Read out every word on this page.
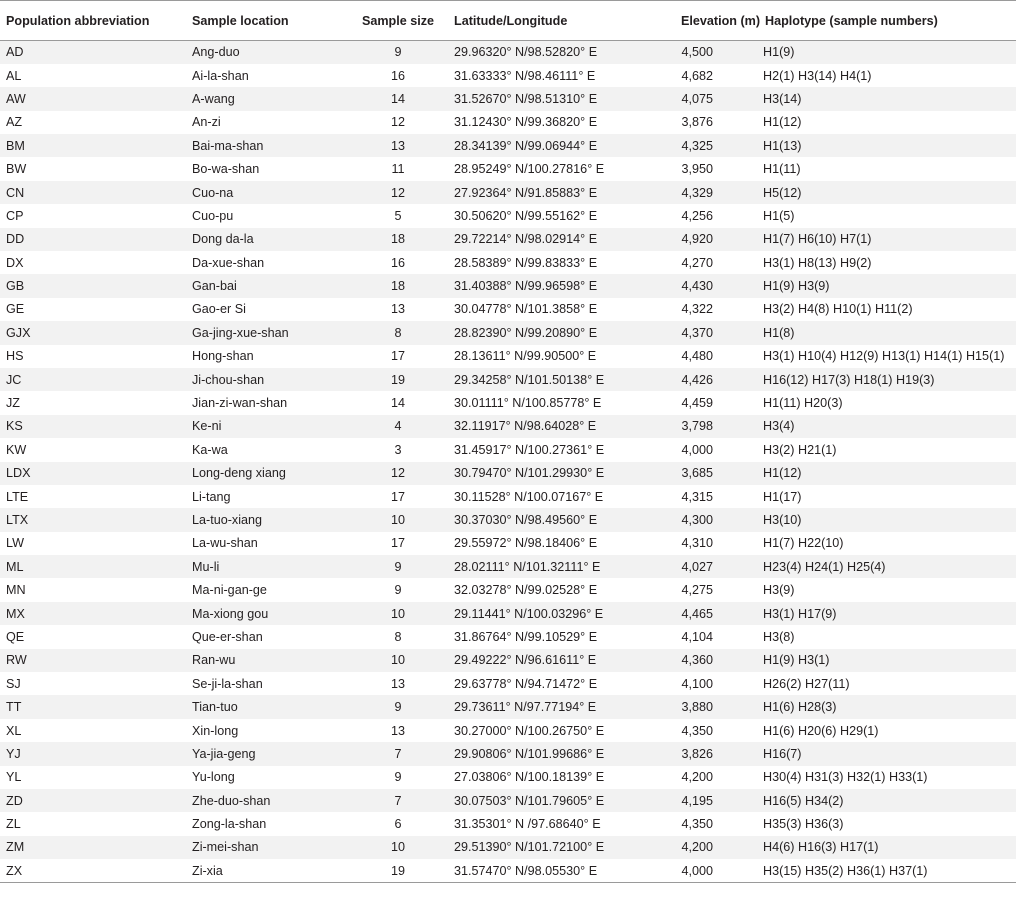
Population abbreviation	Sample location	Sample size	Latitude/Longitude	Elevation (m)	Haplotype (sample numbers)
AD	Ang-duo	9	29.96320° N/98.52820° E	4,500	H1(9)
AL	Ai-la-shan	16	31.63333° N/98.46111° E	4,682	H2(1) H3(14) H4(1)
AW	A-wang	14	31.52670° N/98.51310° E	4,075	H3(14)
AZ	An-zi	12	31.12430° N/99.36820° E	3,876	H1(12)
BM	Bai-ma-shan	13	28.34139° N/99.06944° E	4,325	H1(13)
BW	Bo-wa-shan	11	28.95249° N/100.27816° E	3,950	H1(11)
CN	Cuo-na	12	27.92364° N/91.85883° E	4,329	H5(12)
CP	Cuo-pu	5	30.50620° N/99.55162° E	4,256	H1(5)
DD	Dong da-la	18	29.72214° N/98.02914° E	4,920	H1(7) H6(10) H7(1)
DX	Da-xue-shan	16	28.58389° N/99.83833° E	4,270	H3(1) H8(13) H9(2)
GB	Gan-bai	18	31.40388° N/99.96598° E	4,430	H1(9) H3(9)
GE	Gao-er Si	13	30.04778° N/101.3858° E	4,322	H3(2) H4(8) H10(1) H11(2)
GJX	Ga-jing-xue-shan	8	28.82390° N/99.20890° E	4,370	H1(8)
HS	Hong-shan	17	28.13611° N/99.90500° E	4,480	H3(1) H10(4) H12(9) H13(1) H14(1) H15(1)
JC	Ji-chou-shan	19	29.34258° N/101.50138° E	4,426	H16(12) H17(3) H18(1) H19(3)
JZ	Jian-zi-wan-shan	14	30.01111° N/100.85778° E	4,459	H1(11) H20(3)
KS	Ke-ni	4	32.11917° N/98.64028° E	3,798	H3(4)
KW	Ka-wa	3	31.45917° N/100.27361° E	4,000	H3(2) H21(1)
LDX	Long-deng xiang	12	30.79470° N/101.29930° E	3,685	H1(12)
LTE	Li-tang	17	30.11528° N/100.07167° E	4,315	H1(17)
LTX	La-tuo-xiang	10	30.37030° N/98.49560° E	4,300	H3(10)
LW	La-wu-shan	17	29.55972° N/98.18406° E	4,310	H1(7) H22(10)
ML	Mu-li	9	28.02111° N/101.32111° E	4,027	H23(4) H24(1) H25(4)
MN	Ma-ni-gan-ge	9	32.03278° N/99.02528° E	4,275	H3(9)
MX	Ma-xiong gou	10	29.11441° N/100.03296° E	4,465	H3(1) H17(9)
QE	Que-er-shan	8	31.86764° N/99.10529° E	4,104	H3(8)
RW	Ran-wu	10	29.49222° N/96.61611° E	4,360	H1(9) H3(1)
SJ	Se-ji-la-shan	13	29.63778° N/94.71472° E	4,100	H26(2) H27(11)
TT	Tian-tuo	9	29.73611° N/97.77194° E	3,880	H1(6) H28(3)
XL	Xin-long	13	30.27000° N/100.26750° E	4,350	H1(6) H20(6) H29(1)
YJ	Ya-jia-geng	7	29.90806° N/101.99686° E	3,826	H16(7)
YL	Yu-long	9	27.03806° N/100.18139° E	4,200	H30(4) H31(3) H32(1) H33(1)
ZD	Zhe-duo-shan	7	30.07503° N/101.79605° E	4,195	H16(5) H34(2)
ZL	Zong-la-shan	6	31.35301° N /97.68640° E	4,350	H35(3) H36(3)
ZM	Zi-mei-shan	10	29.51390° N/101.72100° E	4,200	H4(6) H16(3) H17(1)
ZX	Zi-xia	19	31.57470° N/98.05530° E	4,000	H3(15) H35(2) H36(1) H37(1)
